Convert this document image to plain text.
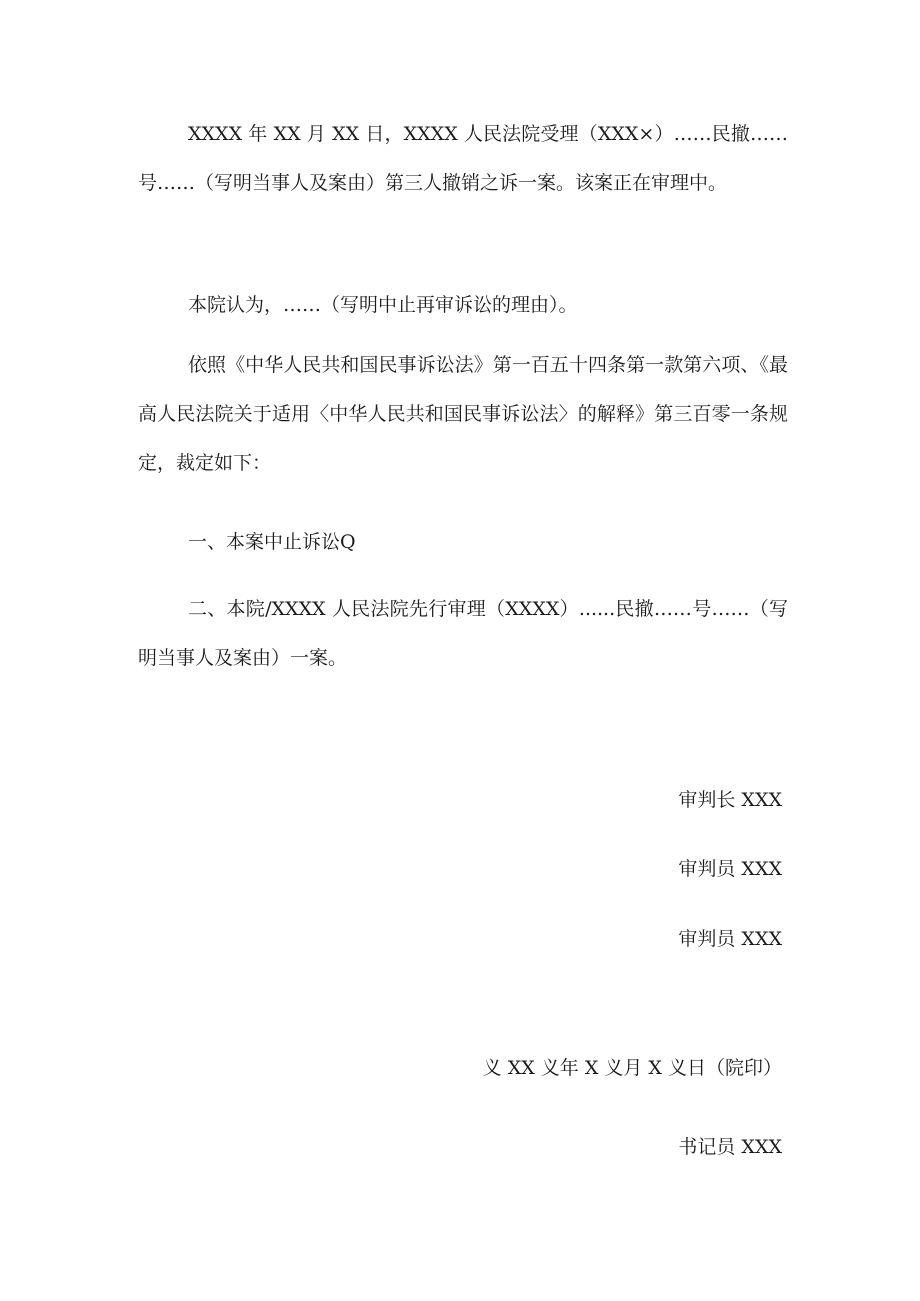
XXXX 年 XX 月 XX 日，XXXX 人民法院受理（XXX×）……民撤……号……（写明当事人及案由）第三人撤销之诉一案。该案正在审理中。

本院认为，……（写明中止再审诉讼的理由）。

依照《中华人民共和国民事诉讼法》第一百五十四条第一款第六项、《最高人民法院关于适用〈中华人民共和国民事诉讼法〉的解释》第三百零一条规定，裁定如下：

一、本案中止诉讼Q

二、本院/XXXX 人民法院先行审理（XXXX）......民撤……号……（写明当事人及案由）一案。

审判长 XXX

审判员 XXX

审判员 XXX

义 XX 义年 X 义月 X 义日（院印）

书记员 XXX
